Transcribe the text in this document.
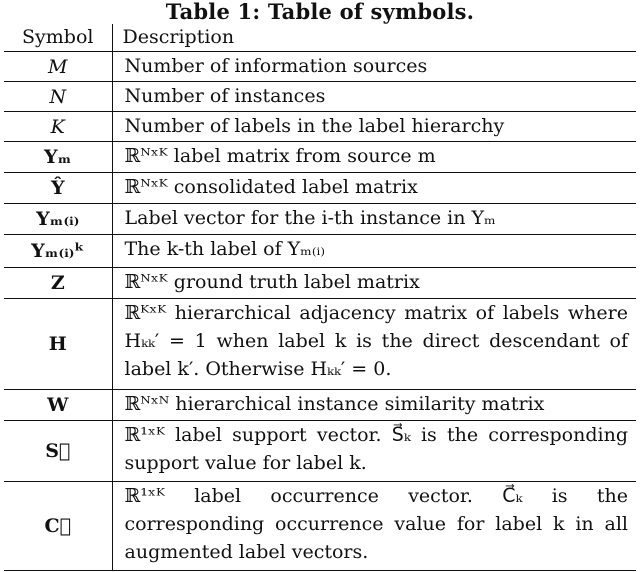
Table 1: Table of symbols.
Symbol	Description
M	Number of information sources
N	Number of instances
K	Number of labels in the label hierarchy
Yₘ	ℝᴺˣᴷ label matrix from source m
Ŷ	ℝᴺˣᴷ consolidated label matrix
Yₘ₍ᵢ₎	Label vector for the i-th instance in Yₘ
Yₘ₍ᵢ₎ᵏ	The k-th label of Yₘ₍ᵢ₎
Z	ℝᴺˣᴷ ground truth label matrix
H	ℝᴷˣᴷ hierarchical adjacency matrix of labels where Hₖₖ′ = 1 when label k is the direct descendant of label k′. Otherwise Hₖₖ′ = 0.
W	ℝᴺˣᴺ hierarchical instance similarity matrix
S⃗	ℝ¹ˣᴷ label support vector. S⃗ₖ is the corresponding support value for label k.
C⃗	ℝ¹ˣᴷ label occurrence vector. C⃗ₖ is the corresponding occurrence value for label k in all augmented label vectors.
